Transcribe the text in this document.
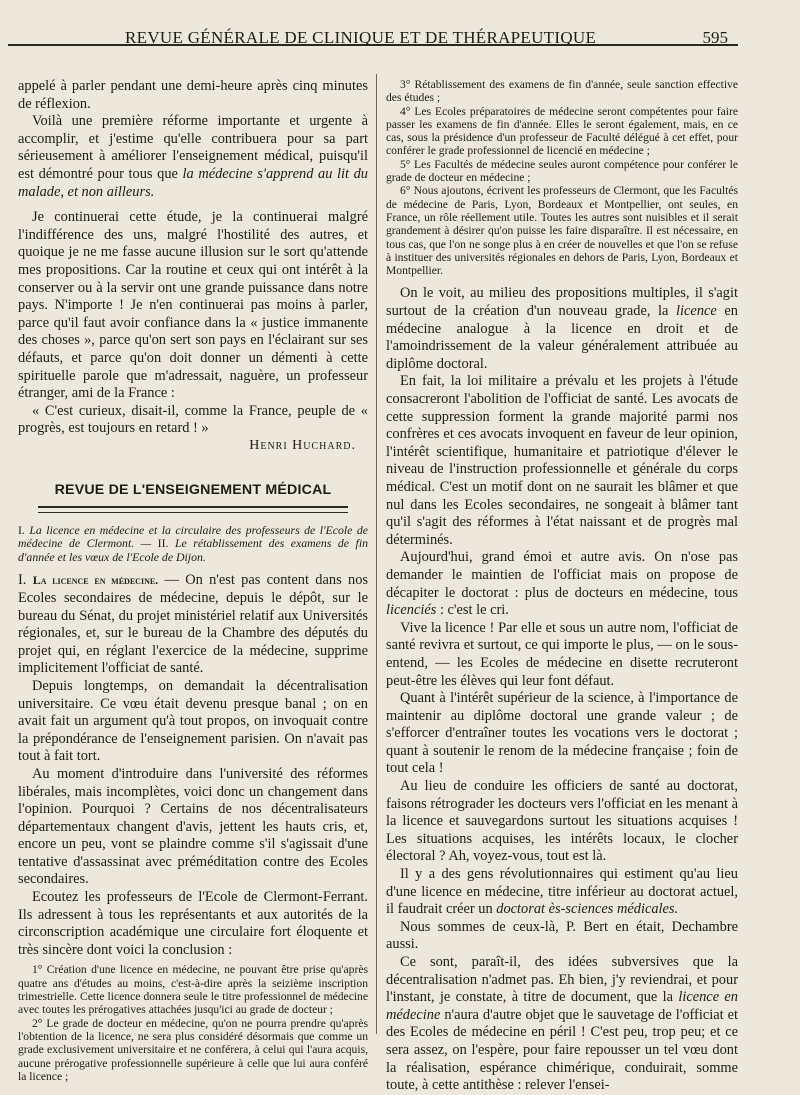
REVUE GÉNÉRALE DE CLINIQUE ET DE THÉRAPEUTIQUE	595

appelé à parler pendant une demi-heure après cinq minutes de réflexion.

Voilà une première réforme importante et urgente à accomplir, et j'estime qu'elle contribuera pour sa part sérieusement à améliorer l'enseignement médical, puisqu'il est démontré pour tous que la médecine s'apprend au lit du malade, et non ailleurs.

Je continuerai cette étude, je la continuerai malgré l'indifférence des uns, malgré l'hostilité des autres, et quoique je ne me fasse aucune illusion sur le sort qu'attende mes propositions. Car la routine et ceux qui ont intérêt à la conserver ou à la servir ont une grande puissance dans notre pays. N'importe ! Je n'en continuerai pas moins à parler, parce qu'il faut avoir confiance dans la « justice immanente des choses », parce qu'on sert son pays en l'éclairant sur ses défauts, et parce qu'on doit donner un démenti à cette spirituelle parole que m'adressait, naguère, un professeur étranger, ami de la France :

« C'est curieux, disait-il, comme la France, peuple de « progrès, est toujours en retard ! »

Henri Huchard.
REVUE DE L'ENSEIGNEMENT MÉDICAL

I. La licence en médecine et la circulaire des professeurs de l'Ecole de médecine de Clermont. — II. Le rétablissement des examens de fin d'année et les vœux de l'Ecole de Dijon.

I. La licence en médecine. — On n'est pas content dans nos Ecoles secondaires de médecine, depuis le dépôt, sur le bureau du Sénat, du projet ministériel relatif aux Universités régionales, et, sur le bureau de la Chambre des députés du projet qui, en réglant l'exercice de la médecine, supprime implicitement l'officiat de santé.

Depuis longtemps, on demandait la décentralisation universitaire. Ce vœu était devenu presque banal ; on en avait fait un argument qu'à tout propos, on invoquait contre la prépondérance de l'enseignement parisien. On n'avait pas tout à fait tort.

Au moment d'introduire dans l'université des réformes libérales, mais incomplètes, voici donc un changement dans l'opinion. Pourquoi ? Certains de nos décentralisateurs départementaux changent d'avis, jettent les hauts cris, et, encore un peu, vont se plaindre comme s'il s'agissait d'une tentative d'assassinat avec préméditation contre des Ecoles secondaires.

Ecoutez les professeurs de l'Ecole de Clermont-Ferrant. Ils adressent à tous les représentants et aux autorités de la circonscription académique une circulaire fort éloquente et très sincère dont voici la conclusion :

1° Création d'une licence en médecine, ne pouvant être prise qu'après quatre ans d'études au moins, c'est-à-dire après la seizième inscription trimestrielle. Cette licence donnera seule le titre professionnel de médecine avec toutes les prérogatives attachées jusqu'ici au grade de docteur ;

2° Le grade de docteur en médecine, qu'on ne pourra prendre qu'après l'obtention de la licence, ne sera plus considéré désormais que comme un grade exclusivement universitaire et ne conférera, à celui qui l'aura acquis, aucune prérogative professionnelle supérieure à celle que lui aura conféré la licence ;

3° Rétablissement des examens de fin d'année, seule sanction effective des études ;

4° Les Ecoles préparatoires de médecine seront compétentes pour faire passer les examens de fin d'année. Elles le seront également, mais, en ce cas, sous la présidence d'un professeur de Faculté délégué à cet effet, pour conférer le grade professionnel de licencié en médecine ;

5° Les Facultés de médecine seules auront compétence pour conférer le grade de docteur en médecine ;

6° Nous ajoutons, écrivent les professeurs de Clermont, que les Facultés de médecine de Paris, Lyon, Bordeaux et Montpellier, ont seules, en France, un rôle réellement utile. Toutes les autres sont nuisibles et il serait grandement à désirer qu'on puisse les faire disparaître. Il est nécessaire, en tous cas, que l'on ne songe plus à en créer de nouvelles et que l'on se refuse à instituer des universités régionales en dehors de Paris, Lyon, Bordeaux et Montpellier.

On le voit, au milieu des propositions multiples, il s'agit surtout de la création d'un nouveau grade, la licence en médecine analogue à la licence en droit et de l'amoindrissement de la valeur généralement attribuée au diplôme doctoral.

En fait, la loi militaire a prévalu et les projets à l'étude consacreront l'abolition de l'officiat de santé. Les avocats de cette suppression forment la grande majorité parmi nos confrères et ces avocats invoquent en faveur de leur opinion, l'intérêt scientifique, humanitaire et patriotique d'élever le niveau de l'instruction professionnelle et générale du corps médical. C'est un motif dont on ne saurait les blâmer et que nul dans les Ecoles secondaires, ne songeait à blâmer tant qu'il s'agit des réformes à l'état naissant et de progrès mal déterminés.

Aujourd'hui, grand émoi et autre avis. On n'ose pas demander le maintien de l'officiat mais on propose de décapiter le doctorat : plus de docteurs en médecine, tous licenciés : c'est le cri.

Vive la licence ! Par elle et sous un autre nom, l'officiat de santé revivra et surtout, ce qui importe le plus, — on le sous-entend, — les Ecoles de médecine en disette recruteront peut-être les élèves qui leur font défaut.

Quant à l'intérêt supérieur de la science, à l'importance de maintenir au diplôme doctoral une grande valeur ; de s'efforcer d'entraîner toutes les vocations vers le doctorat ; quant à soutenir le renom de la médecine française ; foin de tout cela !

Au lieu de conduire les officiers de santé au doctorat, faisons rétrograder les docteurs vers l'officiat en les menant à la licence et sauvegardons surtout les situations acquises ! Les situations acquises, les intérêts locaux, le clocher électoral ? Ah, voyez-vous, tout est là.

Il y a des gens révolutionnaires qui estiment qu'au lieu d'une licence en médecine, titre inférieur au doctorat actuel, il faudrait créer un doctorat ès-sciences médicales.

Nous sommes de ceux-là, P. Bert en était, Dechambre aussi.

Ce sont, paraît-il, des idées subversives que la décentralisation n'admet pas. Eh bien, j'y reviendrai, et pour l'instant, je constate, à titre de document, que la licence en médecine n'aura d'autre objet que le sauvetage de l'officiat et des Ecoles de médecine en péril ! C'est peu, trop peu; et ce sera assez, on l'espère, pour faire repousser un tel vœu dont la réalisation, espérance chimérique, conduirait, somme toute, à cette antithèse : relever l'ensei-
